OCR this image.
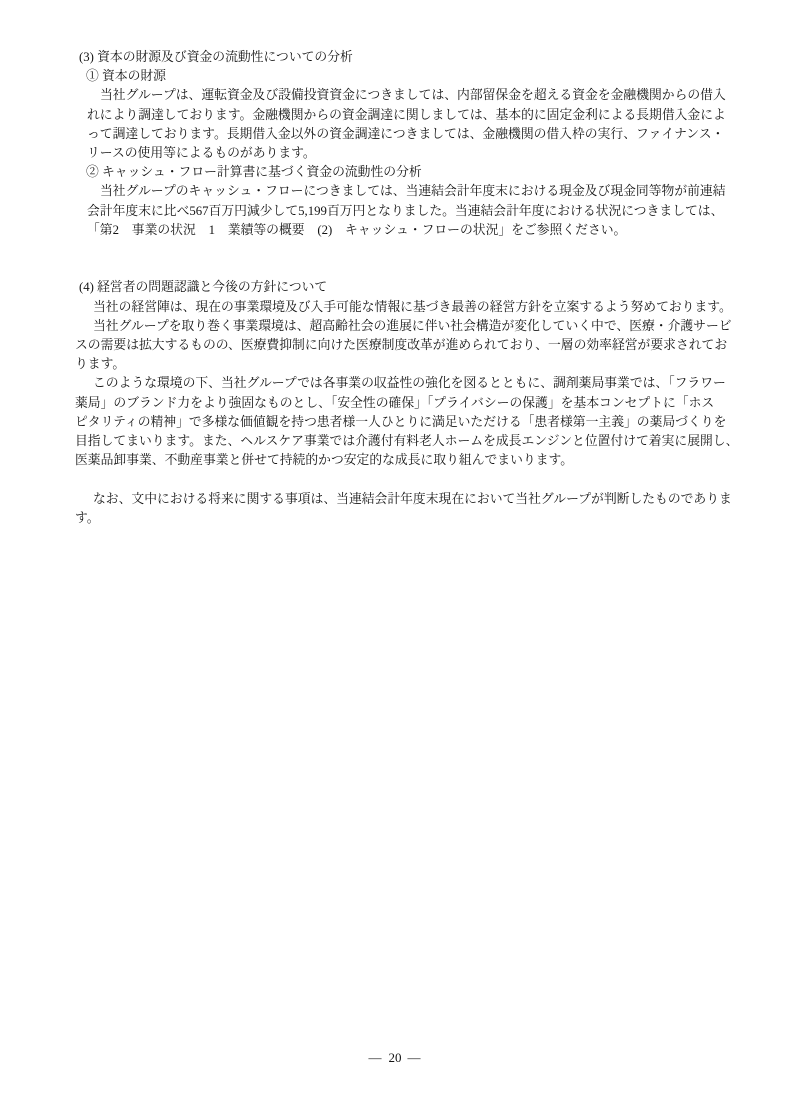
(3) 資本の財源及び資金の流動性についての分析
① 資本の財源
当社グループは、運転資金及び設備投資資金につきましては、内部留保金を超える資金を金融機関からの借入
れにより調達しております。金融機関からの資金調達に関しましては、基本的に固定金利による長期借入金によ
って調達しております。長期借入金以外の資金調達につきましては、金融機関の借入枠の実行、ファイナンス・
リースの使用等によるものがあります。
② キャッシュ・フロー計算書に基づく資金の流動性の分析
当社グループのキャッシュ・フローにつきましては、当連結会計年度末における現金及び現金同等物が前連結
会計年度末に比べ567百万円減少して5,199百万円となりました。当連結会計年度における状況につきましては、
「第2　事業の状況　1　業績等の概要　(2)　キャッシュ・フローの状況」をご参照ください。
(4) 経営者の問題認識と今後の方針について
当社の経営陣は、現在の事業環境及び入手可能な情報に基づき最善の経営方針を立案するよう努めております。
当社グループを取り巻く事業環境は、超高齢社会の進展に伴い社会構造が変化していく中で、医療・介護サービ
スの需要は拡大するものの、医療費抑制に向けた医療制度改革が進められており、一層の効率経営が要求されてお
ります。
このような環境の下、当社グループでは各事業の収益性の強化を図るとともに、調剤薬局事業では、「フラワー
薬局」のブランド力をより強固なものとし、「安全性の確保」「プライバシーの保護」を基本コンセプトに「ホス
ピタリティの精神」で多様な価値観を持つ患者様一人ひとりに満足いただける「患者様第一主義」の薬局づくりを
目指してまいります。また、ヘルスケア事業では介護付有料老人ホームを成長エンジンと位置付けて着実に展開し、
医薬品卸事業、不動産事業と併せて持続的かつ安定的な成長に取り組んでまいります。
なお、文中における将来に関する事項は、当連結会計年度末現在において当社グループが判断したものでありま
す。
― 20 ―
